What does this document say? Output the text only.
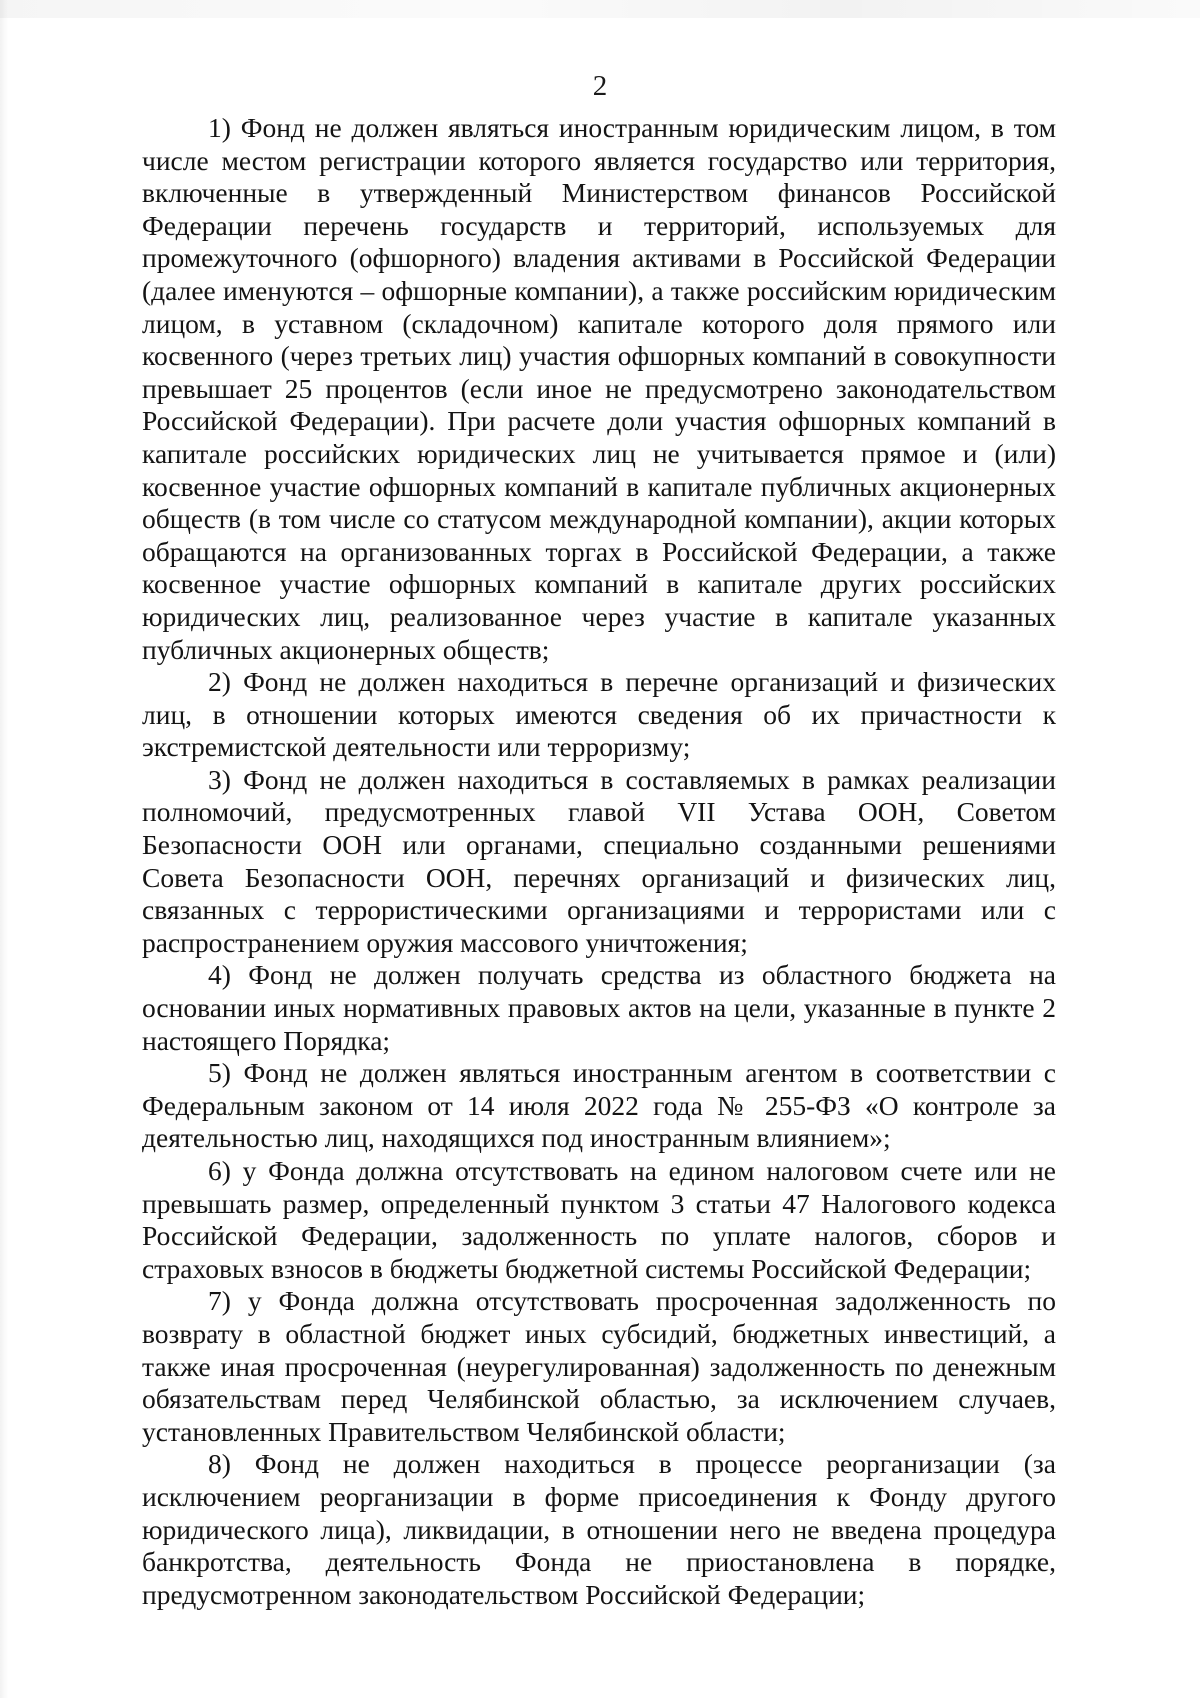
2

1) Фонд не должен являться иностранным юридическим лицом, в том числе местом регистрации которого является государство или территория, включенные в утвержденный Министерством финансов Российской Федерации перечень государств и территорий, используемых для промежуточного (офшорного) владения активами в Российской Федерации (далее именуются – офшорные компании), а также российским юридическим лицом, в уставном (складочном) капитале которого доля прямого или косвенного (через третьих лиц) участия офшорных компаний в совокупности превышает 25 процентов (если иное не предусмотрено законодательством Российской Федерации). При расчете доли участия офшорных компаний в капитале российских юридических лиц не учитывается прямое и (или) косвенное участие офшорных компаний в капитале публичных акционерных обществ (в том числе со статусом международной компании), акции которых обращаются на организованных торгах в Российской Федерации, а также косвенное участие офшорных компаний в капитале других российских юридических лиц, реализованное через участие в капитале указанных публичных акционерных обществ;

2) Фонд не должен находиться в перечне организаций и физических лиц, в отношении которых имеются сведения об их причастности к экстремистской деятельности или терроризму;

3) Фонд не должен находиться в составляемых в рамках реализации полномочий, предусмотренных главой VII Устава ООН, Советом Безопасности ООН или органами, специально созданными решениями Совета Безопасности ООН, перечнях организаций и физических лиц, связанных с террористическими организациями и террористами или с распространением оружия массового уничтожения;

4) Фонд не должен получать средства из областного бюджета на основании иных нормативных правовых актов на цели, указанные в пункте 2 настоящего Порядка;

5) Фонд не должен являться иностранным агентом в соответствии с Федеральным законом от 14 июля 2022 года № 255-ФЗ «О контроле за деятельностью лиц, находящихся под иностранным влиянием»;

6) у Фонда должна отсутствовать на едином налоговом счете или не превышать размер, определенный пунктом 3 статьи 47 Налогового кодекса Российской Федерации, задолженность по уплате налогов, сборов и страховых взносов в бюджеты бюджетной системы Российской Федерации;

7) у Фонда должна отсутствовать просроченная задолженность по возврату в областной бюджет иных субсидий, бюджетных инвестиций, а также иная просроченная (неурегулированная) задолженность по денежным обязательствам перед Челябинской областью, за исключением случаев, установленных Правительством Челябинской области;

8) Фонд не должен находиться в процессе реорганизации (за исключением реорганизации в форме присоединения к Фонду другого юридического лица), ликвидации, в отношении него не введена процедура банкротства, деятельность Фонда не приостановлена в порядке, предусмотренном законодательством Российской Федерации;
